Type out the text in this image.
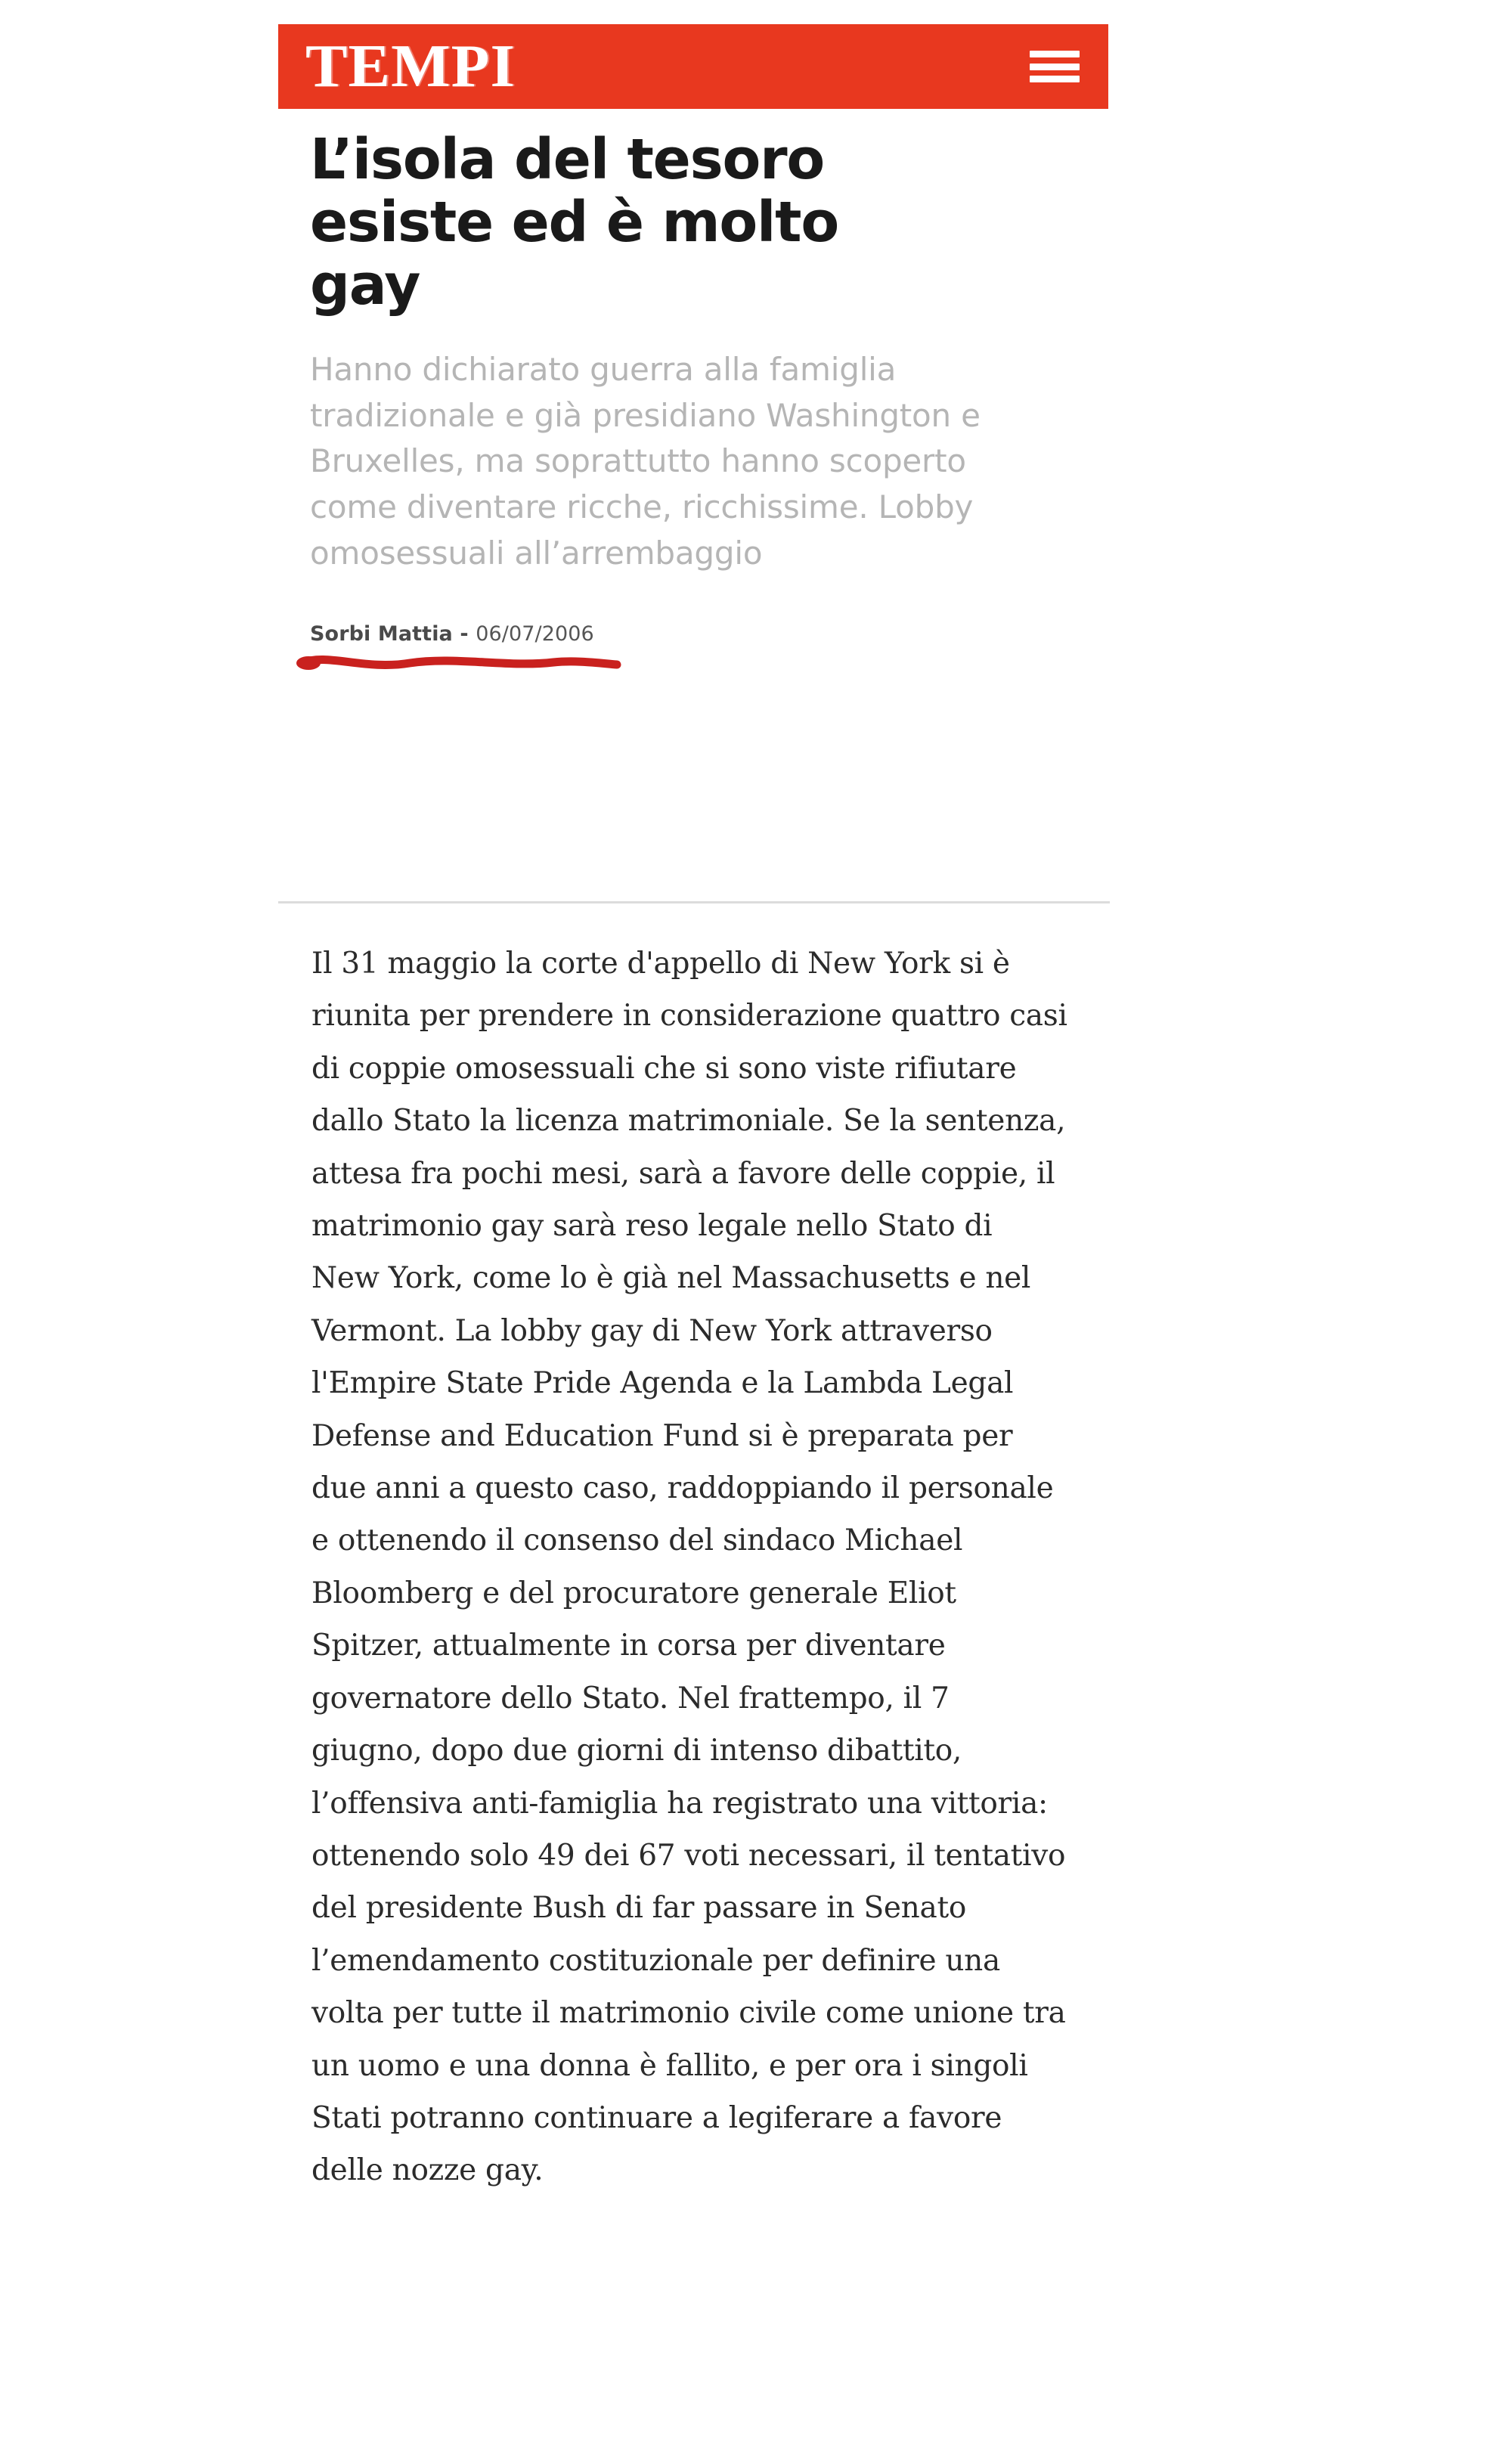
TEMPI
L’isola del tesoro esiste ed è molto gay
Hanno dichiarato guerra alla famiglia tradizionale e già presidiano Washington e Bruxelles, ma soprattutto hanno scoperto come diventare ricche, ricchissime. Lobby omosessuali all’arrembaggio
Sorbi Mattia - 06/07/2006

Il 31 maggio la corte d'appello di New York si è riunita per prendere in considerazione quattro casi di coppie omosessuali che si sono viste rifiutare dallo Stato la licenza matrimoniale. Se la sentenza, attesa fra pochi mesi, sarà a favore delle coppie, il matrimonio gay sarà reso legale nello Stato di New York, come lo è già nel Massachusetts e nel Vermont. La lobby gay di New York attraverso l'Empire State Pride Agenda e la Lambda Legal Defense and Education Fund si è preparata per due anni a questo caso, raddoppiando il personale e ottenendo il consenso del sindaco Michael Bloomberg e del procuratore generale Eliot Spitzer, attualmente in corsa per diventare governatore dello Stato. Nel frattempo, il 7 giugno, dopo due giorni di intenso dibattito, l’offensiva anti-famiglia ha registrato una vittoria: ottenendo solo 49 dei 67 voti necessari, il tentativo del presidente Bush di far passare in Senato l’emendamento costituzionale per definire una volta per tutte il matrimonio civile come unione tra un uomo e una donna è fallito, e per ora i singoli Stati potranno continuare a legiferare a favore delle nozze gay.
